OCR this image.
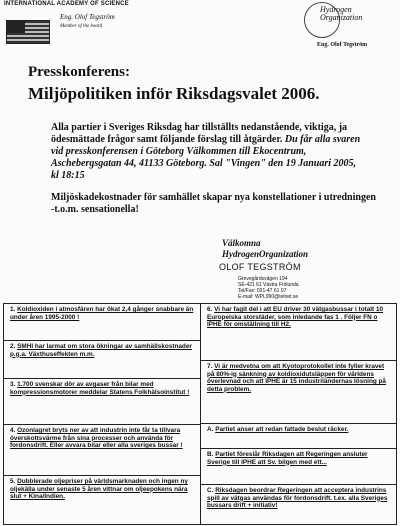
INTERNATIONAL ACADEMY OF SCIENCE
Eng. Olof Tegström
Member of the board
Hydrogen Organization
Eng. Olof Tegström
Presskonferens:
Miljöpolitiken inför Riksdagsvalet 2006.
Alla partier i Sveriges Riksdag har tillställts nedanstående, viktiga, ja ödesmättade frågor samt följande förslag till åtgärder. Du får alla svaren vid presskonferensen i Göteborg Välkommen till Ekocentrum, Aschebergsgatan 44, 41133 Göteborg. Sal "Vingen" den 19 Januari 2005, kl 18:15
Miljöskadekostnader för samhället skapar nya konstellationer i utredningen -t.o.m. sensationella!
Välkomna
HydrogenOrganization
OLOF TEGSTRÖM
Grevegårdsvägen 194
SE-421 61 Västra Frölunda
Tel/Fax: 031-47 61 07
E-mail: WPL990@telnet.se
1. Koldioxiden i atmosfären har ökat 2,4 gånger snabbare än under åren 1995-2000 !
2. SMHI har larmat om stora ökningar av samhällskostnader p.g.a. Växthuseffekten m.m.
3. 1.700 svenskar dör av avgaser från bilar med kompressionsmotorer meddelar Statens Folkhälsoinstitut !
4. Ozonlagret bryts ner av att industrin inte får ta tillvara överskottsvärme från sina processer och använda för fordonsdrift. Eller avvara bilar eller alla sveriges bussar !
5. Dubblerade oljepriser på världsmarknaden och ingen ny oljekälla under senaste 5 åren vittnar om oljeepokens nära slut + Kina/Indien.
6. Vi har fagit del i att EU driver 30 vätgasbussar i totalt 10 Europeiska storstäder, som inledande fas 1 . Följer FN o IPHE för omställning till H2.
7. Vi är medvetna om att Kyotoprotokollet inte fyller kravet på 80%-ig sänkning av koldioxidutsläppen för världens överlevnad och att IPHE är 15 industriländernas lösning på detta problem.
A. Partiet anser att redan fattade beslut räcker.
B. Partiet föreslår Riksdagen att Regeringen ansluter Sverige till IPHE att Sv. bilgen med ett...
C. Riksdagen beordrar Regeringen att acceptera industrins spill av vätgas användas för fordonsdrift. t.ex. alla Sveriges bussars drift + initiativ!
